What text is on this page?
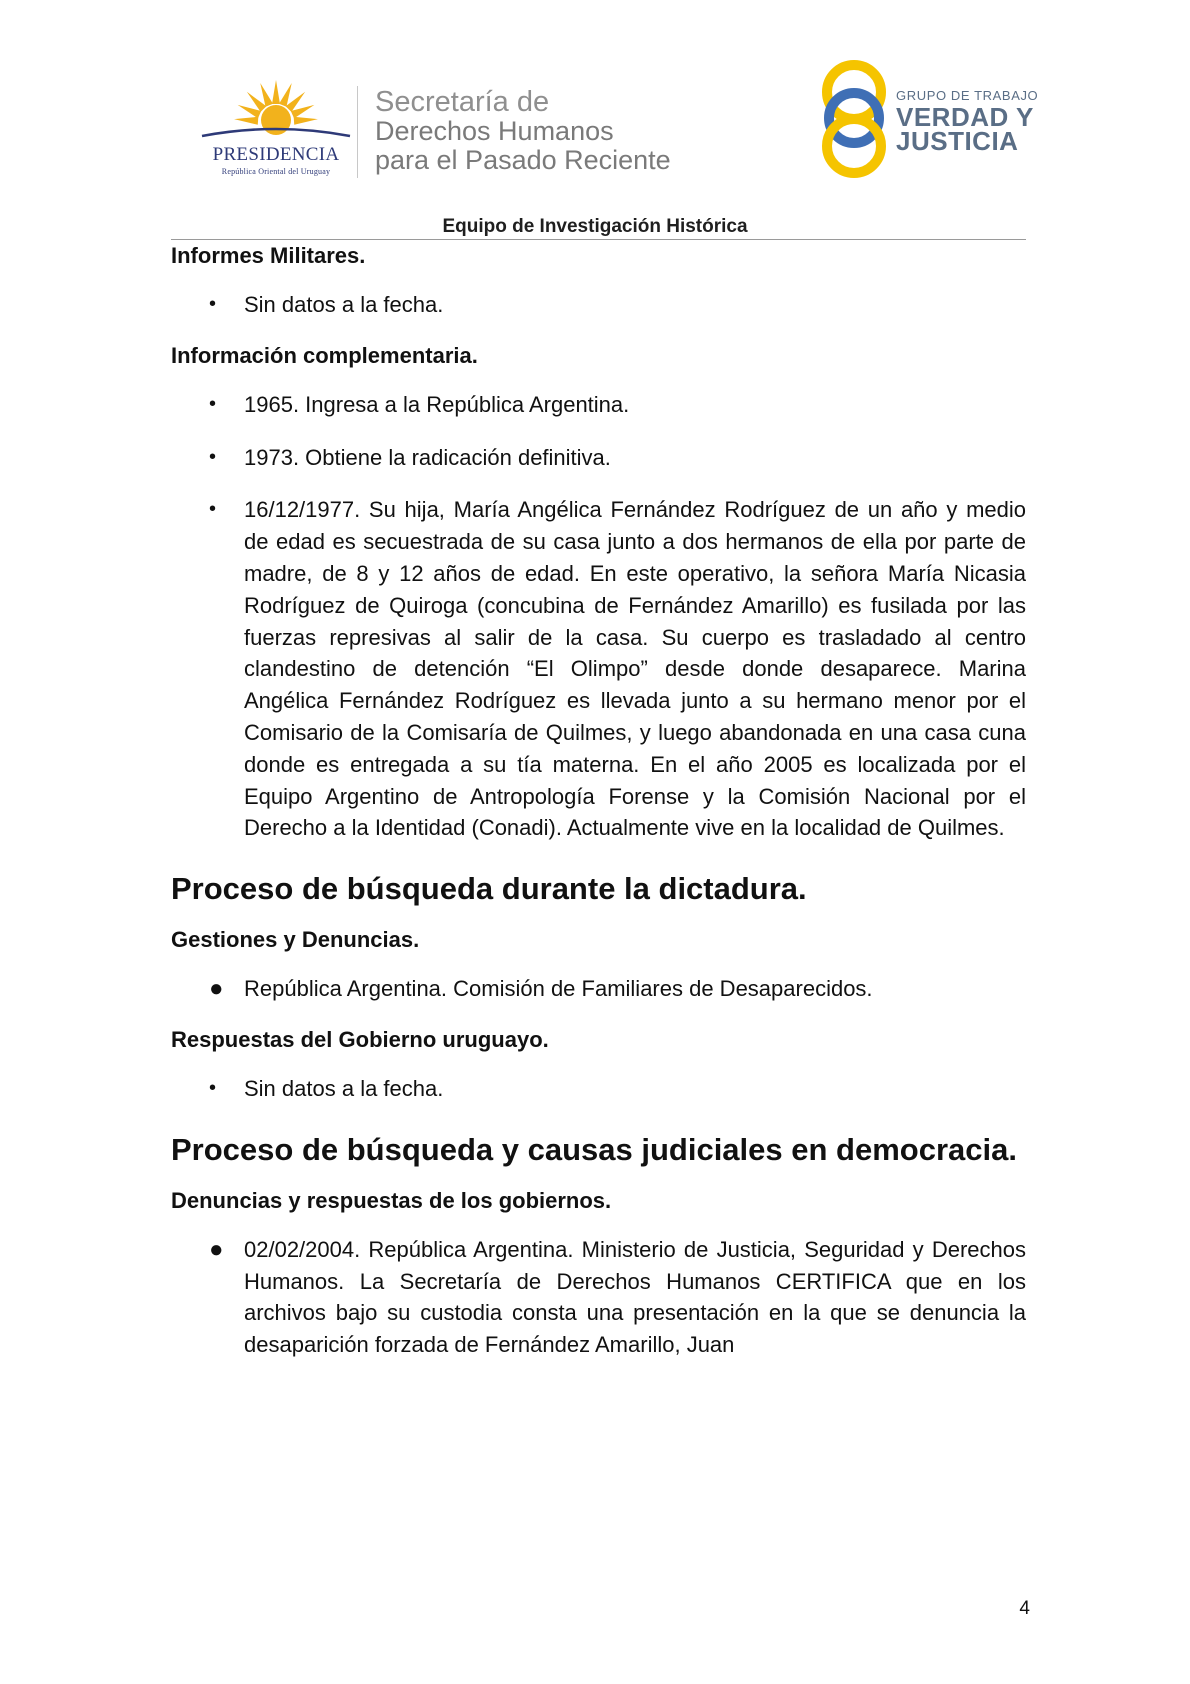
PRESIDENCIA
República Oriental del Uruguay
Secretaría de
Derechos Humanos
para el Pasado Reciente
GRUPO DE TRABAJO
VERDAD Y
JUSTICIA
Equipo de Investigación Histórica
Informes Militares.
• Sin datos a la fecha.
Información complementaria.
• 1965. Ingresa a la República Argentina.
• 1973. Obtiene la radicación definitiva.
• 16/12/1977. Su hija, María Angélica Fernández Rodríguez de un año y medio de edad es secuestrada de su casa junto a dos hermanos de ella por parte de madre, de 8 y 12 años de edad. En este operativo, la señora María Nicasia Rodríguez de Quiroga (concubina de Fernández Amarillo) es fusilada por las fuerzas represivas al salir de la casa. Su cuerpo es trasladado al centro clandestino de detención “El Olimpo” desde donde desaparece. Marina Angélica Fernández Rodríguez es llevada junto a su hermano menor por el Comisario de la Comisaría de Quilmes, y luego abandonada en una casa cuna donde es entregada a su tía materna. En el año 2005 es localizada por el Equipo Argentino de Antropología Forense y la Comisión Nacional por el Derecho a la Identidad (Conadi). Actualmente vive en la localidad de Quilmes.
Proceso de búsqueda durante la dictadura.
Gestiones y Denuncias.
● República Argentina. Comisión de Familiares de Desaparecidos.
Respuestas del Gobierno uruguayo.
• Sin datos a la fecha.
Proceso de búsqueda y causas judiciales en democracia.
Denuncias y respuestas de los gobiernos.
● 02/02/2004. República Argentina. Ministerio de Justicia, Seguridad y Derechos Humanos. La Secretaría de Derechos Humanos CERTIFICA que en los archivos bajo su custodia consta una presentación en la que se denuncia la desaparición forzada de Fernández Amarillo, Juan
4
